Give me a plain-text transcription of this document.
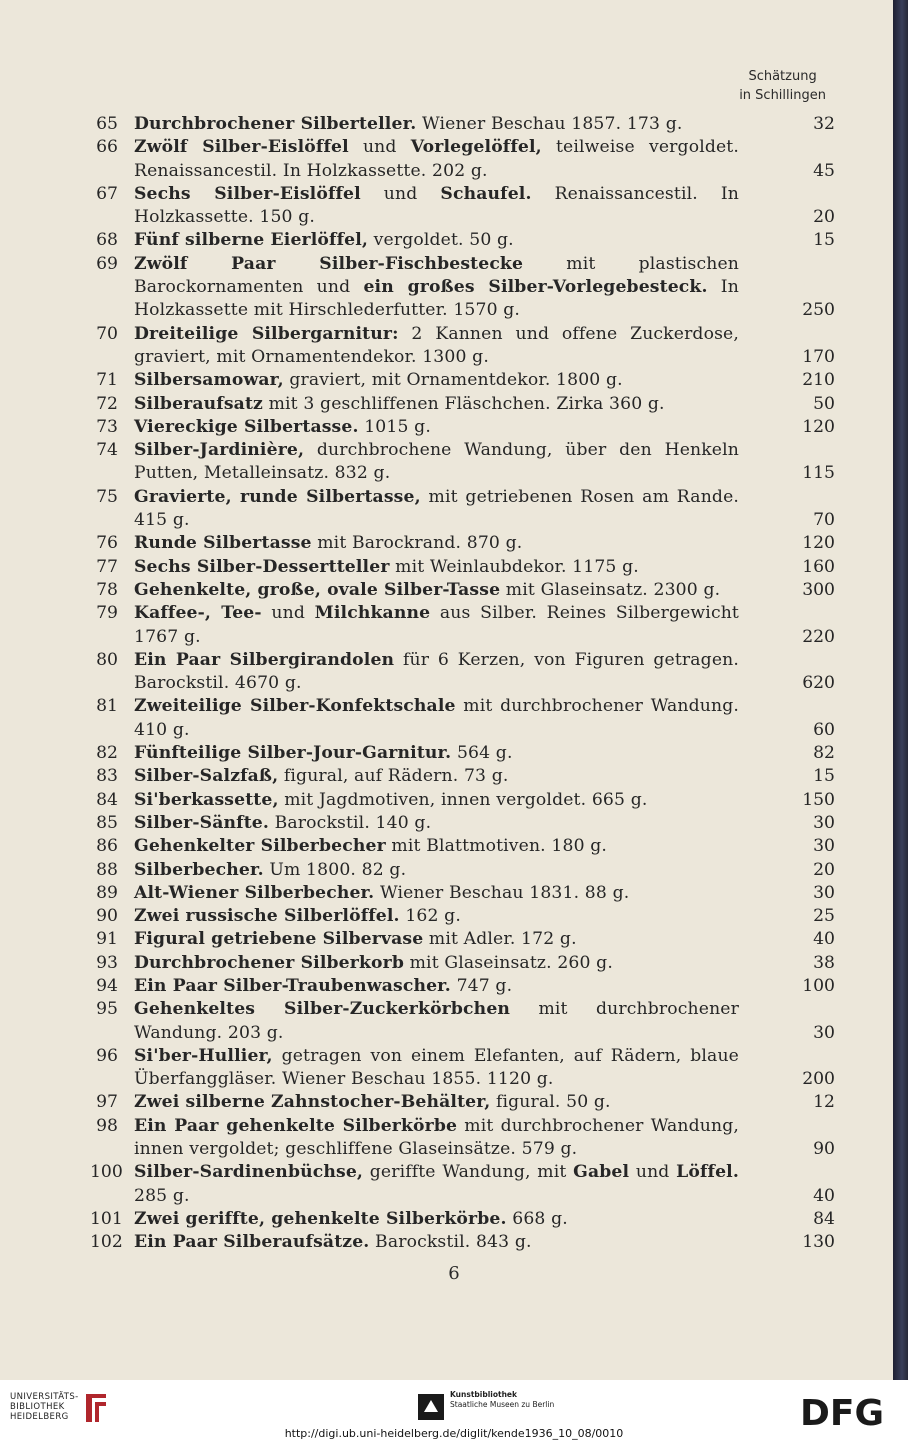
Schätzung
in Schillingen
65 Durchbrochener Silberteller. Wiener Beschau 1857. 173 g.	32
66 Zwölf Silber-Eislöffel und Vorlegelöffel, teilweise vergoldet. Renaissancestil. In Holzkassette. 202 g.	45
67 Sechs Silber-Eislöffel und Schaufel. Renaissancestil. In Holzkassette. 150 g.	20
68 Fünf silberne Eierlöffel, vergoldet. 50 g.	15
69 Zwölf Paar Silber-Fischbestecke mit plastischen Barockornamenten und ein großes Silber-Vorlegebesteck. In Holzkassette mit Hirschlederfutter. 1570 g.	250
70 Dreiteilige Silbergarnitur: 2 Kannen und offene Zuckerdose, graviert, mit Ornamentendekor. 1300 g.	170
71 Silbersamowar, graviert, mit Ornamentdekor. 1800 g.	210
72 Silberaufsatz mit 3 geschliffenen Fläschchen. Zirka 360 g.	50
73 Viereckige Silbertasse. 1015 g.	120
74 Silber-Jardinière, durchbrochene Wandung, über den Henkeln Putten, Metalleinsatz. 832 g.	115
75 Gravierte, runde Silbertasse, mit getriebenen Rosen am Rande. 415 g.	70
76 Runde Silbertasse mit Barockrand. 870 g.	120
77 Sechs Silber-Dessertteller mit Weinlaubdekor. 1175 g.	160
78 Gehenkelte, große, ovale Silber-Tasse mit Glaseinsatz. 2300 g.	300
79 Kaffee-, Tee- und Milchkanne aus Silber. Reines Silbergewicht 1767 g.	220
80 Ein Paar Silbergirandolen für 6 Kerzen, von Figuren getragen. Barockstil. 4670 g.	620
81 Zweiteilige Silber-Konfektschale mit durchbrochener Wandung. 410 g.	60
82 Fünfteilige Silber-Jour-Garnitur. 564 g.	82
83 Silber-Salzfaß, figural, auf Rädern. 73 g.	15
84 Si'berkassette, mit Jagdmotiven, innen vergoldet. 665 g.	150
85 Silber-Sänfte. Barockstil. 140 g.	30
86 Gehenkelter Silberbecher mit Blattmotiven. 180 g.	30
88 Silberbecher. Um 1800. 82 g.	20
89 Alt-Wiener Silberbecher. Wiener Beschau 1831. 88 g.	30
90 Zwei russische Silberlöffel. 162 g.	25
91 Figural getriebene Silbervase mit Adler. 172 g.	40
93 Durchbrochener Silberkorb mit Glaseinsatz. 260 g.	38
94 Ein Paar Silber-Traubenwascher. 747 g.	100
95 Gehenkeltes Silber-Zuckerkörbchen mit durchbrochener Wandung. 203 g.	30
96 Si'ber-Hullier, getragen von einem Elefanten, auf Rädern, blaue Überfanggläser. Wiener Beschau 1855. 1120 g.	200
97 Zwei silberne Zahnstocher-Behälter, figural. 50 g.	12
98 Ein Paar gehenkelte Silberkörbe mit durchbrochener Wandung, innen vergoldet; geschliffene Glaseinsätze. 579 g.	90
100 Silber-Sardinenbüchse, geriffte Wandung, mit Gabel und Löffel. 285 g.	40
101 Zwei geriffte, gehenkelte Silberkörbe. 668 g.	84
102 Ein Paar Silberaufsätze. Barockstil. 843 g.	130
6
UNIVERSITÄTS-
BIBLIOTHEK
HEIDELBERG
Kunstbibliothek
Staatliche Museen zu Berlin	DFG
http://digi.ub.uni-heidelberg.de/diglit/kende1936_10_08/0010
